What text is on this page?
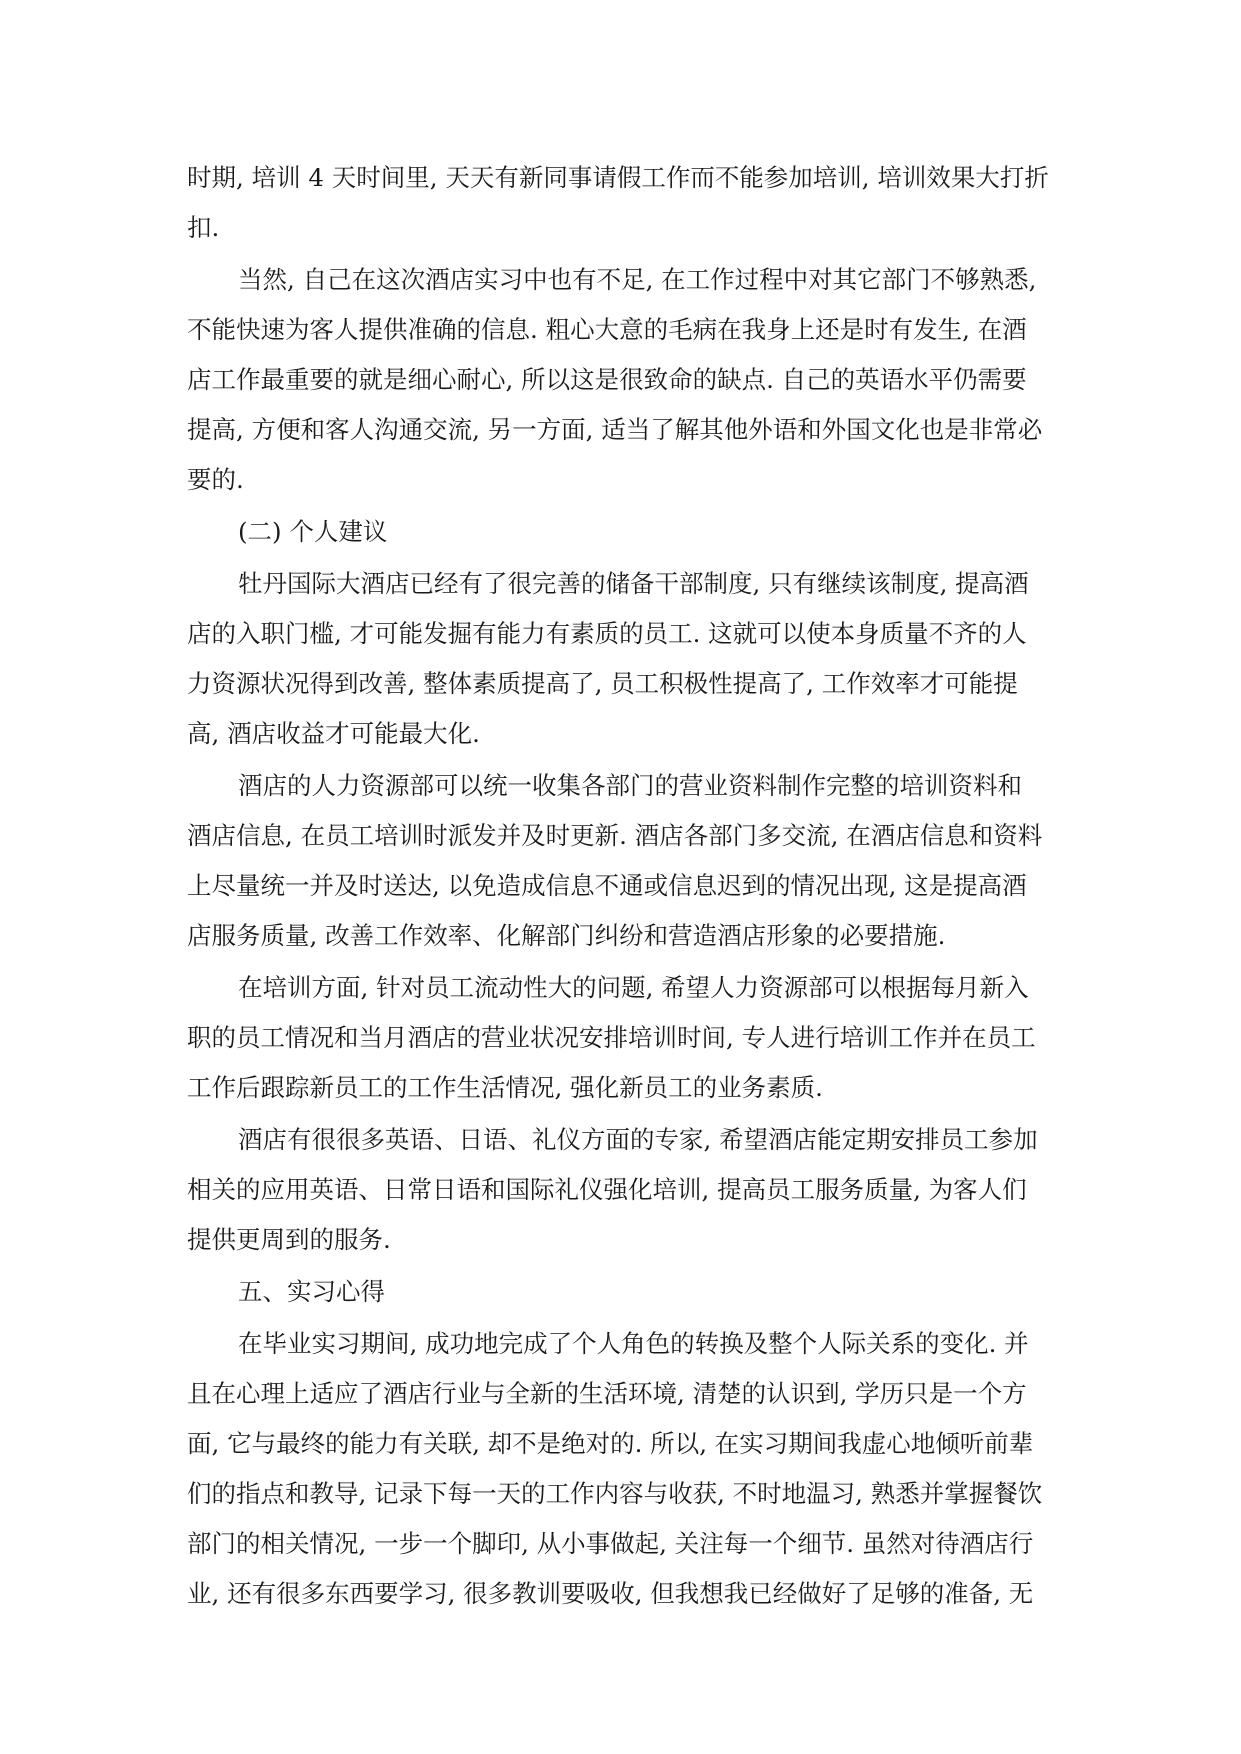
时期, 培训 4 天时间里, 天天有新同事请假工作而不能参加培训, 培训效果大打折
扣.
当然, 自己在这次酒店实习中也有不足, 在工作过程中对其它部门不够熟悉,
不能快速为客人提供准确的信息. 粗心大意的毛病在我身上还是时有发生, 在酒
店工作最重要的就是细心耐心, 所以这是很致命的缺点. 自己的英语水平仍需要
提高, 方便和客人沟通交流, 另一方面, 适当了解其他外语和外国文化也是非常必
要的.
(二) 个人建议
牡丹国际大酒店已经有了很完善的储备干部制度, 只有继续该制度, 提高酒
店的入职门槛, 才可能发掘有能力有素质的员工. 这就可以使本身质量不齐的人
力资源状况得到改善, 整体素质提高了, 员工积极性提高了, 工作效率才可能提
高, 酒店收益才可能最大化.
酒店的人力资源部可以统一收集各部门的营业资料制作完整的培训资料和
酒店信息, 在员工培训时派发并及时更新. 酒店各部门多交流, 在酒店信息和资料
上尽量统一并及时送达, 以免造成信息不通或信息迟到的情况出现, 这是提高酒
店服务质量, 改善工作效率、化解部门纠纷和营造酒店形象的必要措施.
在培训方面, 针对员工流动性大的问题, 希望人力资源部可以根据每月新入
职的员工情况和当月酒店的营业状况安排培训时间, 专人进行培训工作并在员工
工作后跟踪新员工的工作生活情况, 强化新员工的业务素质.
酒店有很很多英语、日语、礼仪方面的专家, 希望酒店能定期安排员工参加
相关的应用英语、日常日语和国际礼仪强化培训, 提高员工服务质量, 为客人们
提供更周到的服务.
五、实习心得
在毕业实习期间, 成功地完成了个人角色的转换及整个人际关系的变化. 并
且在心理上适应了酒店行业与全新的生活环境, 清楚的认识到, 学历只是一个方
面, 它与最终的能力有关联, 却不是绝对的. 所以, 在实习期间我虚心地倾听前辈
们的指点和教导, 记录下每一天的工作内容与收获, 不时地温习, 熟悉并掌握餐饮
部门的相关情况, 一步一个脚印, 从小事做起, 关注每一个细节. 虽然对待酒店行
业, 还有很多东西要学习, 很多教训要吸收, 但我想我已经做好了足够的准备, 无
